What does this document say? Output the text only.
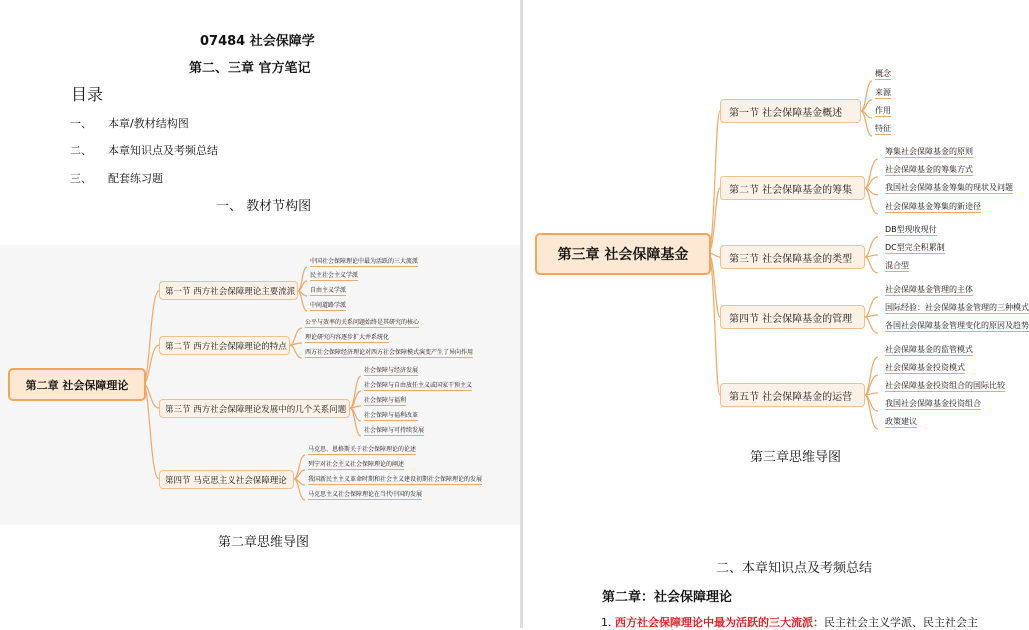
07484 社会保障学
第二、三章 官方笔记
目录
一、 本章/教材结构图
二、 本章知识点及考频总结
三、 配套练习题
一、 教材节构图
第二章 社会保障理论
第一节 西方社会保障理论主要流派
第二节 西方社会保障理论的特点
第三节 西方社会保障理论发展中的几个关系问题
第四节 马克思主义社会保障理论
中国社会保障理论中最为活跃的三大流派
民主社会主义学派
自由主义学派
中间道路学派
公平与效率的关系问题始终是其研究的核心
理论研究内容逐步扩大并系统化
西方社会保障经济理论对西方社会保障模式演变产生了异向作用
社会保障与经济发展
社会保障与自由放任主义或国家干预主义
社会保障与福利
社会保障与福利改革
社会保障与可持续发展
马克思、恩格斯关于社会保障理论的论述
列宁对社会主义社会保障理论的阐述
我国新民主主义革命时期和社会主义建设初期社会保障理论的发展
马克思主义社会保障理论在当代中国的发展
第二章思维导图
第三章 社会保障基金
第一节 社会保障基金概述
第二节 社会保障基金的筹集
第三节 社会保障基金的类型
第四节 社会保障基金的管理
第五节 社会保障基金的运营
概念
来源
作用
特征
筹集社会保障基金的原则
社会保障基金的筹集方式
我国社会保障基金筹集的现状及问题
社会保障基金筹集的新途径
DB型现收现付
DC型完全积累制
混合型
社会保障基金管理的主体
国际经验：社会保障基金管理的三种模式
各国社会保障基金管理变化的原因及趋势
社会保障基金的监管模式
社会保障基金投资模式
社会保障基金投资组合的国际比较
我国社会保障基金投资组合
政策建议
第三章思维导图
二、本章知识点及考频总结
第二章：社会保障理论
1. 西方社会保障理论中最为活跃的三大流派：民主社会主义学派、民主社会主
